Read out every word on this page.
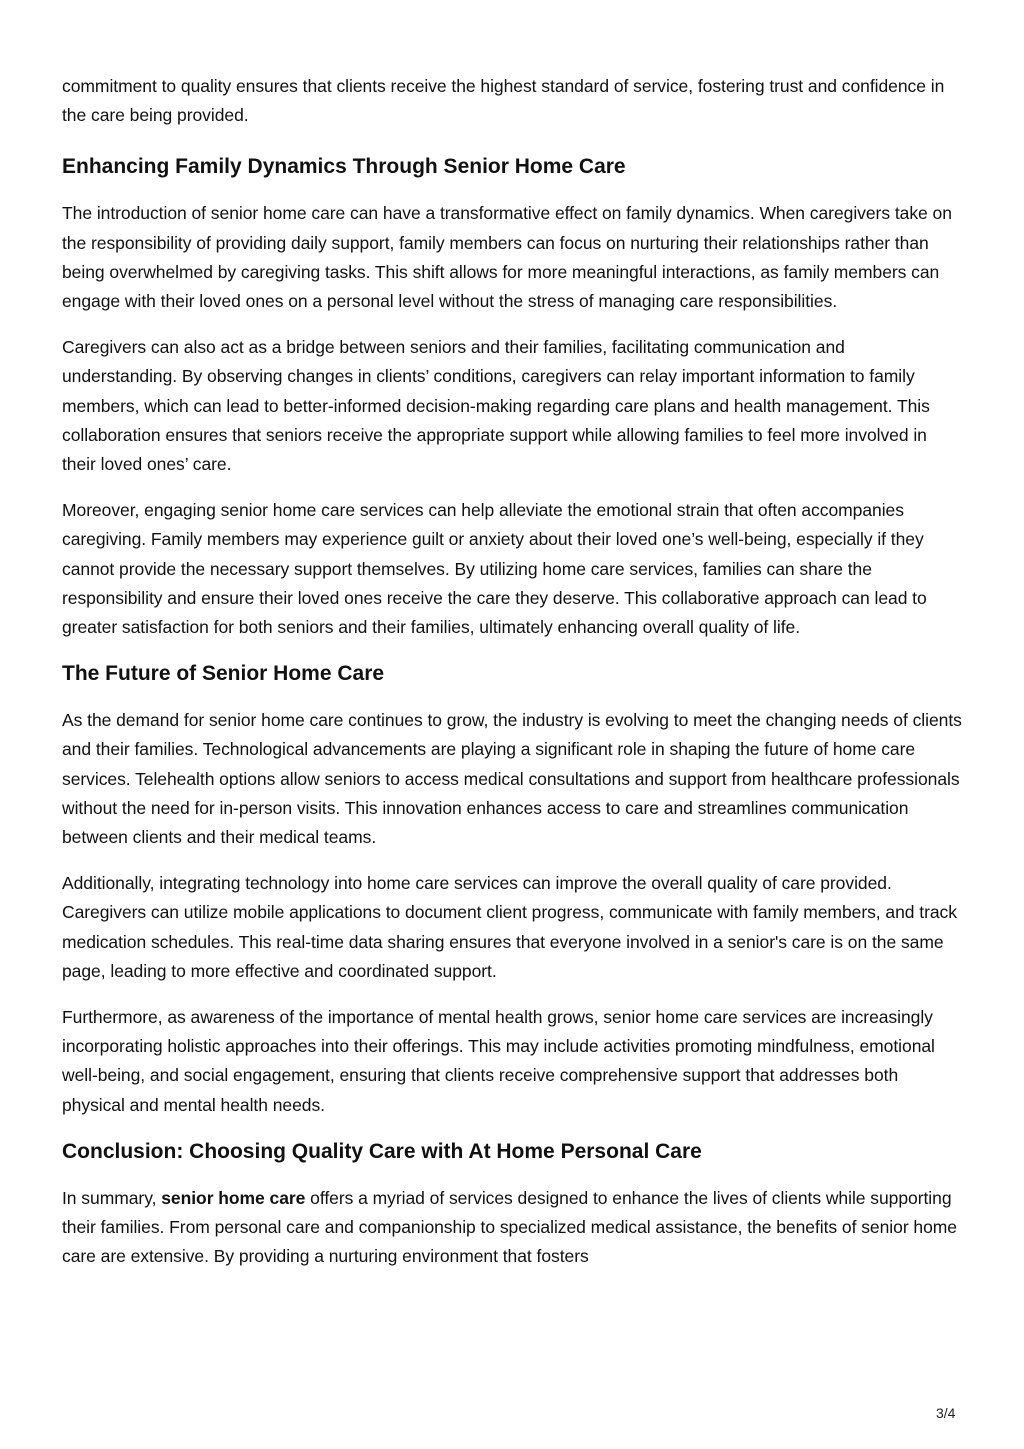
commitment to quality ensures that clients receive the highest standard of service, fostering trust and confidence in the care being provided.

Enhancing Family Dynamics Through Senior Home Care

The introduction of senior home care can have a transformative effect on family dynamics. When caregivers take on the responsibility of providing daily support, family members can focus on nurturing their relationships rather than being overwhelmed by caregiving tasks. This shift allows for more meaningful interactions, as family members can engage with their loved ones on a personal level without the stress of managing care responsibilities.

Caregivers can also act as a bridge between seniors and their families, facilitating communication and understanding. By observing changes in clients’ conditions, caregivers can relay important information to family members, which can lead to better-informed decision-making regarding care plans and health management. This collaboration ensures that seniors receive the appropriate support while allowing families to feel more involved in their loved ones’ care.

Moreover, engaging senior home care services can help alleviate the emotional strain that often accompanies caregiving. Family members may experience guilt or anxiety about their loved one’s well-being, especially if they cannot provide the necessary support themselves. By utilizing home care services, families can share the responsibility and ensure their loved ones receive the care they deserve. This collaborative approach can lead to greater satisfaction for both seniors and their families, ultimately enhancing overall quality of life.

The Future of Senior Home Care

As the demand for senior home care continues to grow, the industry is evolving to meet the changing needs of clients and their families. Technological advancements are playing a significant role in shaping the future of home care services. Telehealth options allow seniors to access medical consultations and support from healthcare professionals without the need for in-person visits. This innovation enhances access to care and streamlines communication between clients and their medical teams.

Additionally, integrating technology into home care services can improve the overall quality of care provided. Caregivers can utilize mobile applications to document client progress, communicate with family members, and track medication schedules. This real-time data sharing ensures that everyone involved in a senior's care is on the same page, leading to more effective and coordinated support.

Furthermore, as awareness of the importance of mental health grows, senior home care services are increasingly incorporating holistic approaches into their offerings. This may include activities promoting mindfulness, emotional well-being, and social engagement, ensuring that clients receive comprehensive support that addresses both physical and mental health needs.

Conclusion: Choosing Quality Care with At Home Personal Care

In summary, senior home care offers a myriad of services designed to enhance the lives of clients while supporting their families. From personal care and companionship to specialized medical assistance, the benefits of senior home care are extensive. By providing a nurturing environment that fosters

3/4
